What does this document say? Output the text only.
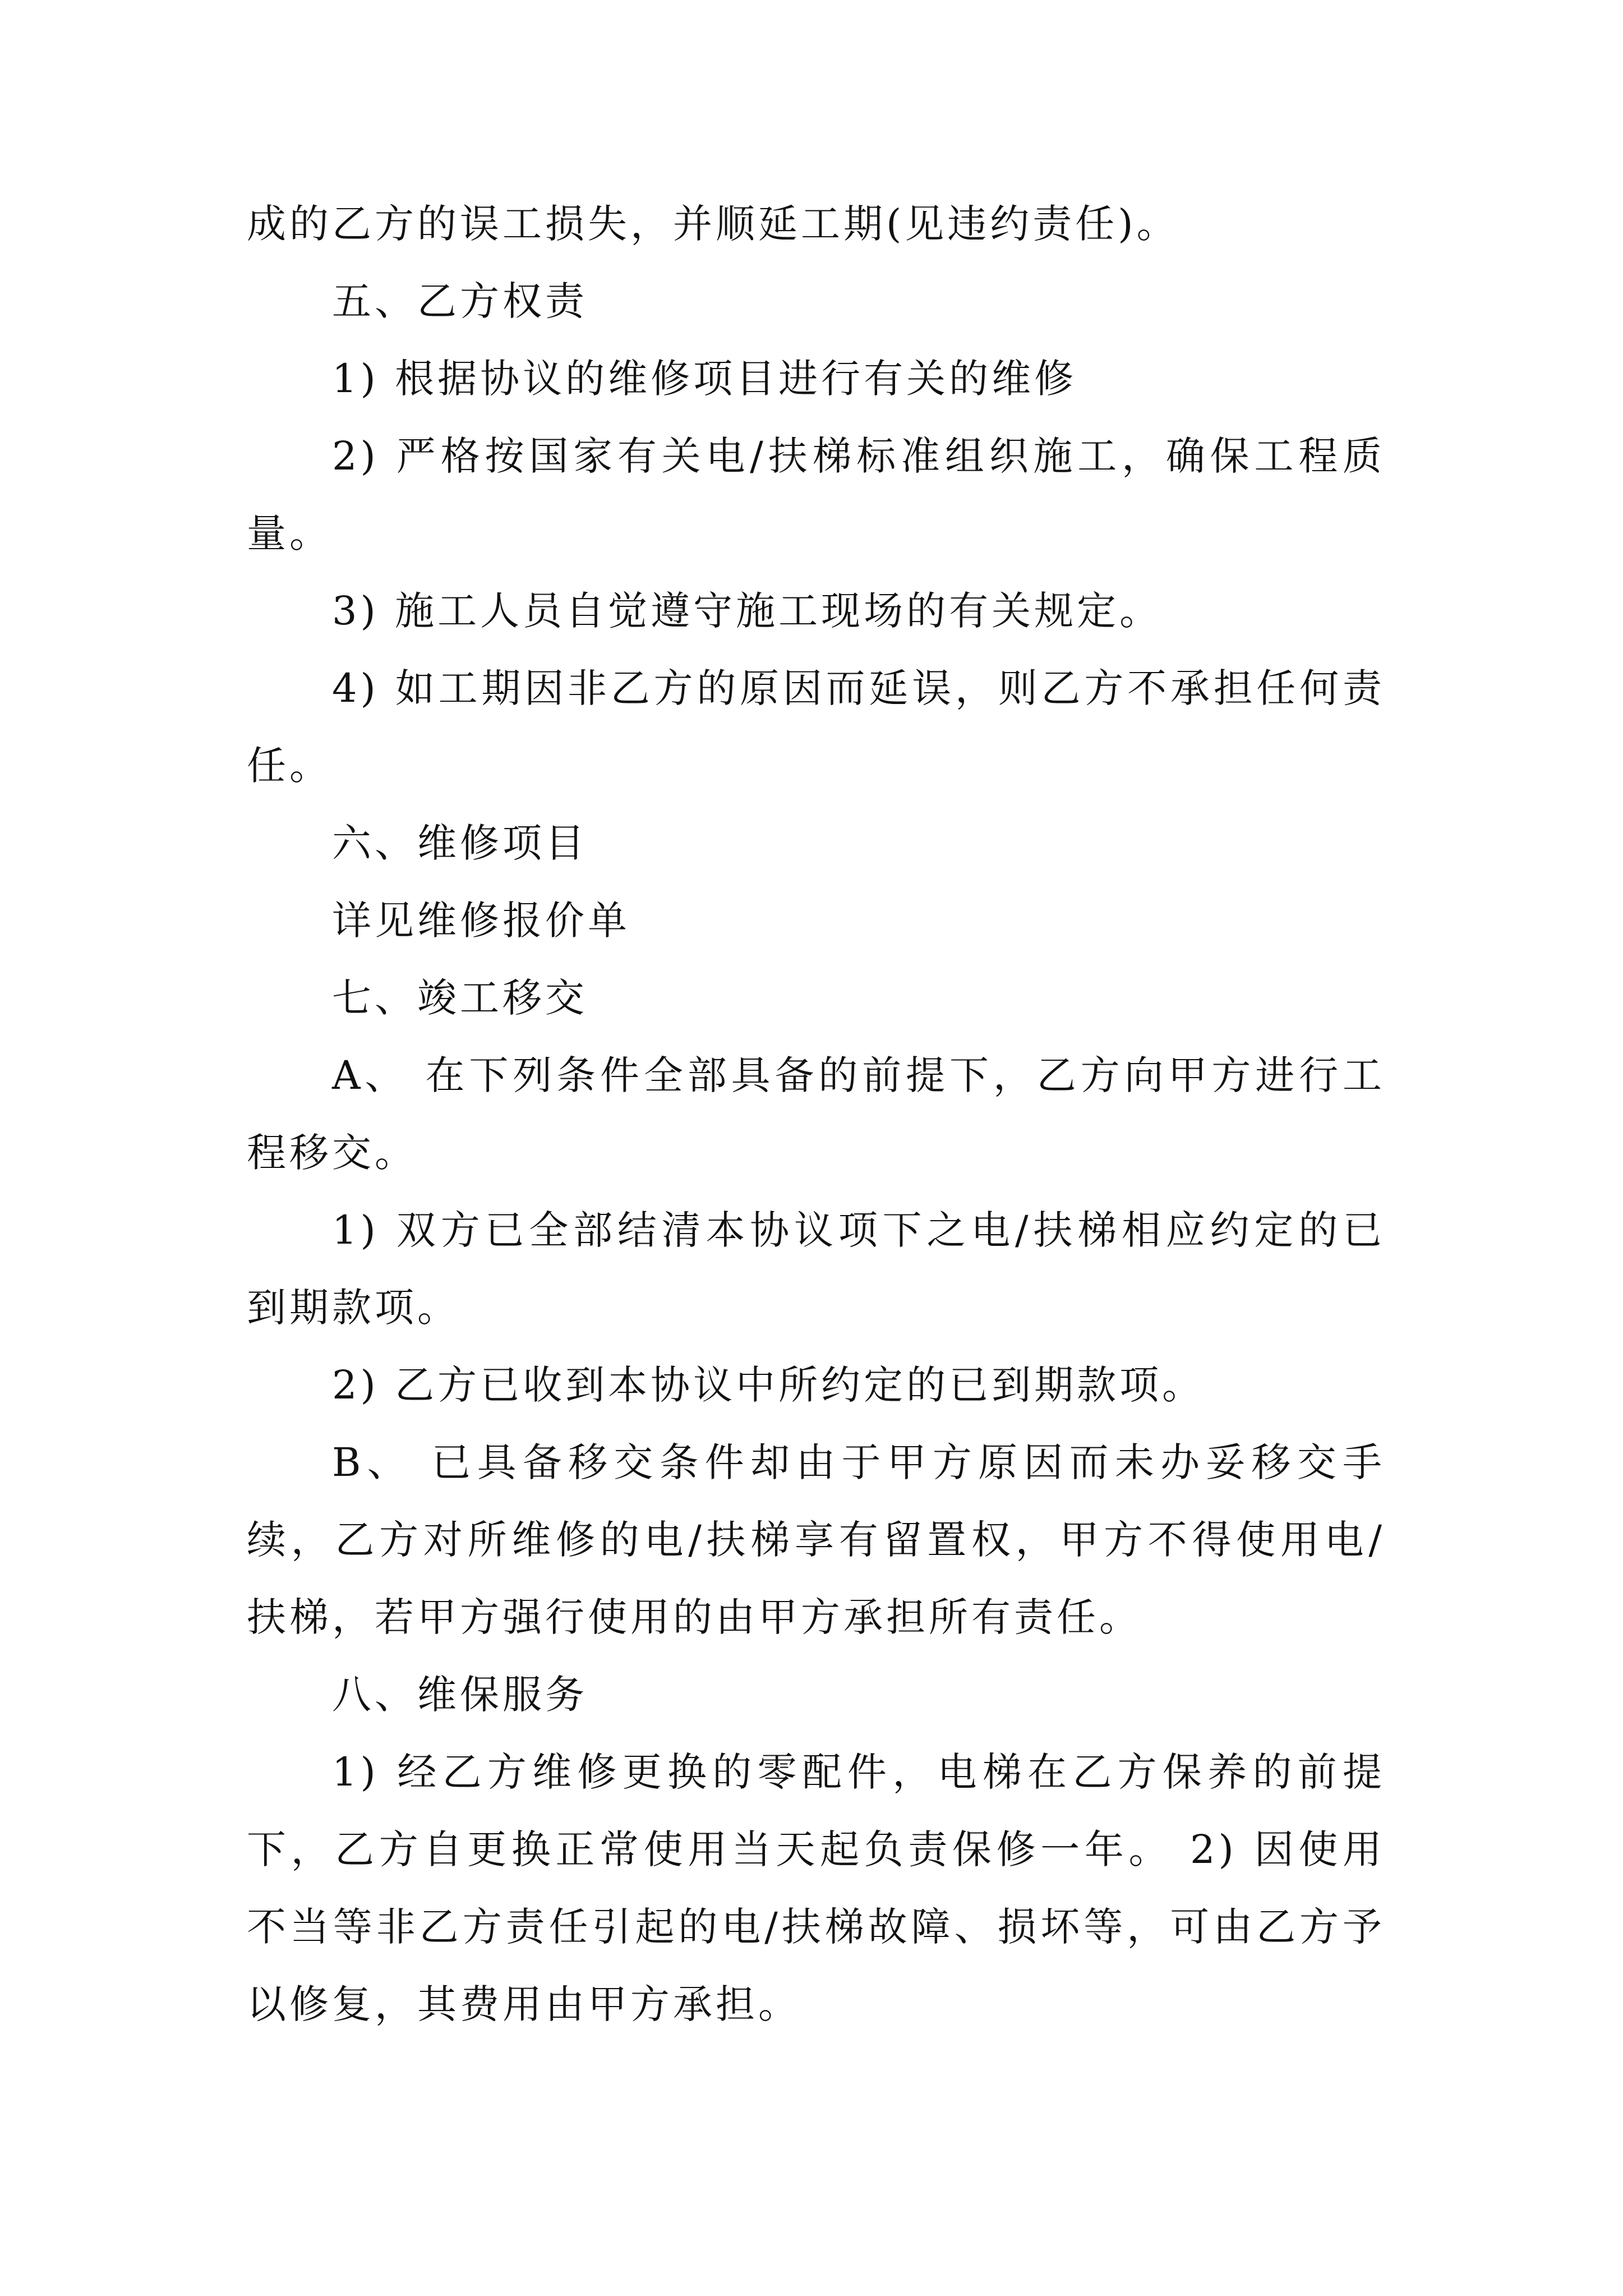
成的乙方的误工损失，并顺延工期(见违约责任)。

五、乙方权责

1) 根据协议的维修项目进行有关的维修

2) 严格按国家有关电/扶梯标准组织施工，确保工程质量。

3) 施工人员自觉遵守施工现场的有关规定。

4) 如工期因非乙方的原因而延误，则乙方不承担任何责任。

六、维修项目

详见维修报价单

七、竣工移交

A、 在下列条件全部具备的前提下，乙方向甲方进行工程移交。

1) 双方已全部结清本协议项下之电/扶梯相应约定的已到期款项。

2) 乙方已收到本协议中所约定的已到期款项。

B、 已具备移交条件却由于甲方原因而未办妥移交手续，乙方对所维修的电/扶梯享有留置权，甲方不得使用电/扶梯，若甲方强行使用的由甲方承担所有责任。

八、维保服务

1) 经乙方维修更换的零配件，电梯在乙方保养的前提下，乙方自更换正常使用当天起负责保修一年。 2) 因使用不当等非乙方责任引起的电/扶梯故障、损坏等，可由乙方予以修复，其费用由甲方承担。
